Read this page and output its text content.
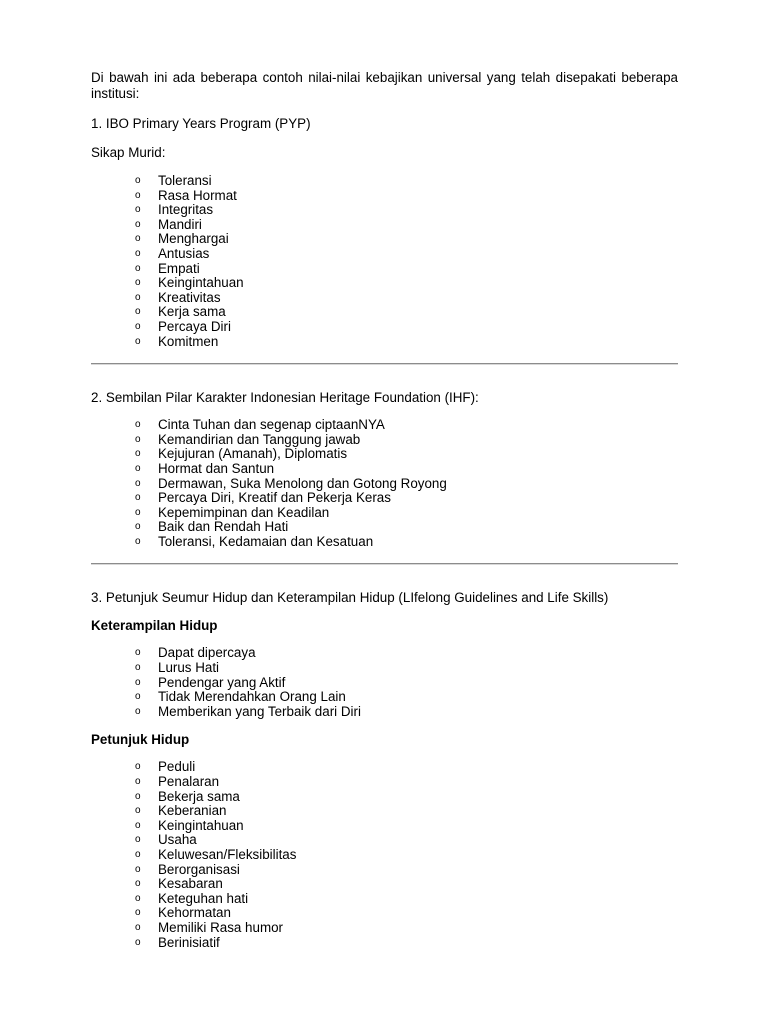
Di bawah ini ada beberapa contoh nilai-nilai kebajikan universal yang telah disepakati beberapa institusi:

1. IBO Primary Years Program (PYP)

Sikap Murid:

o Toleransi
o Rasa Hormat
o Integritas
o Mandiri
o Menghargai
o Antusias
o Empati
o Keingintahuan
o Kreativitas
o Kerja sama
o Percaya Diri
o Komitmen

2. Sembilan Pilar Karakter Indonesian Heritage Foundation (IHF):

o Cinta Tuhan dan segenap ciptaanNYA
o Kemandirian dan Tanggung jawab
o Kejujuran (Amanah), Diplomatis
o Hormat dan Santun
o Dermawan, Suka Menolong dan Gotong Royong
o Percaya Diri, Kreatif dan Pekerja Keras
o Kepemimpinan dan Keadilan
o Baik dan Rendah Hati
o Toleransi, Kedamaian dan Kesatuan

3. Petunjuk Seumur Hidup dan Keterampilan Hidup (LIfelong Guidelines and Life Skills)

Keterampilan Hidup

o Dapat dipercaya
o Lurus Hati
o Pendengar yang Aktif
o Tidak Merendahkan Orang Lain
o Memberikan yang Terbaik dari Diri

Petunjuk Hidup

o Peduli
o Penalaran
o Bekerja sama
o Keberanian
o Keingintahuan
o Usaha
o Keluwesan/Fleksibilitas
o Berorganisasi
o Kesabaran
o Keteguhan hati
o Kehormatan
o Memiliki Rasa humor
o Berinisiatif
